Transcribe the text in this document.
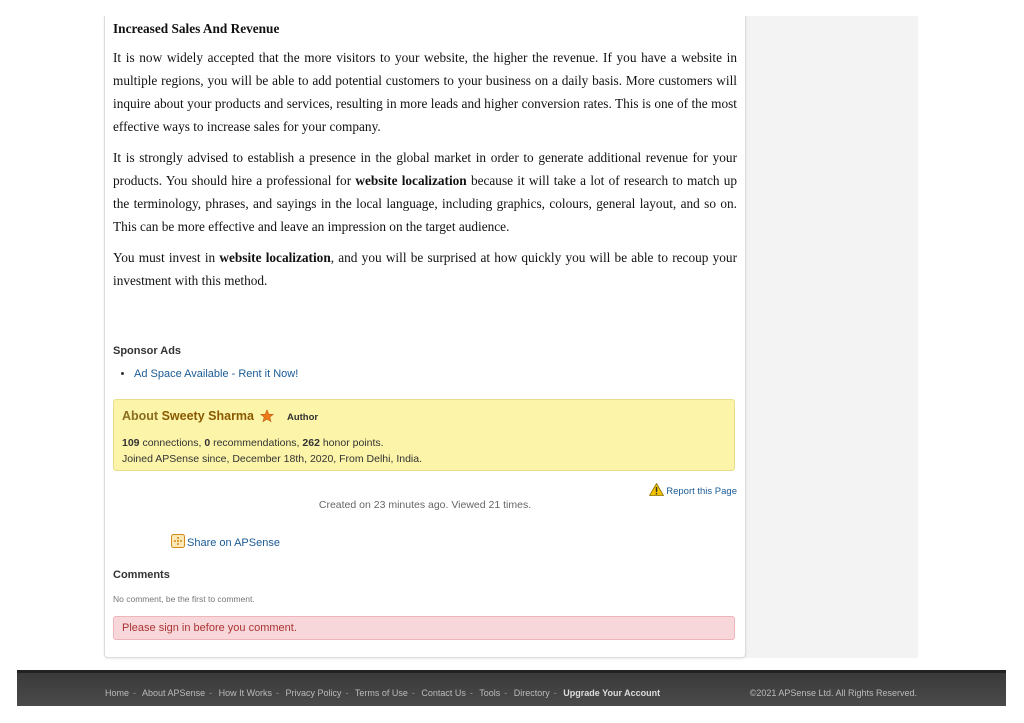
Increased Sales And Revenue

It is now widely accepted that the more visitors to your website, the higher the revenue. If you have a website in multiple regions, you will be able to add potential customers to your business on a daily basis. More customers will inquire about your products and services, resulting in more leads and higher conversion rates. This is one of the most effective ways to increase sales for your company.

It is strongly advised to establish a presence in the global market in order to generate additional revenue for your products. You should hire a professional for website localization because it will take a lot of research to match up the terminology, phrases, and sayings in the local language, including graphics, colours, general layout, and so on. This can be more effective and leave an impression on the target audience.

You must invest in website localization, and you will be surprised at how quickly you will be able to recoup your investment with this method.

Sponsor Ads
• Ad Space Available - Rent it Now!
About Sweety Sharma	Author
109 connections, 0 recommendations, 262 honor points.
Joined APSense since, December 18th, 2020, From Delhi, India.
Report this Page
Created on 23 minutes ago. Viewed 21 times.
Share on APSense
Comments
No comment, be the first to comment.
Please sign in before you comment.
Home - About APSense - How It Works - Privacy Policy - Terms of Use - Contact Us - Tools - Directory - Upgrade Your Account	©2021 APSense Ltd. All Rights Reserved.
